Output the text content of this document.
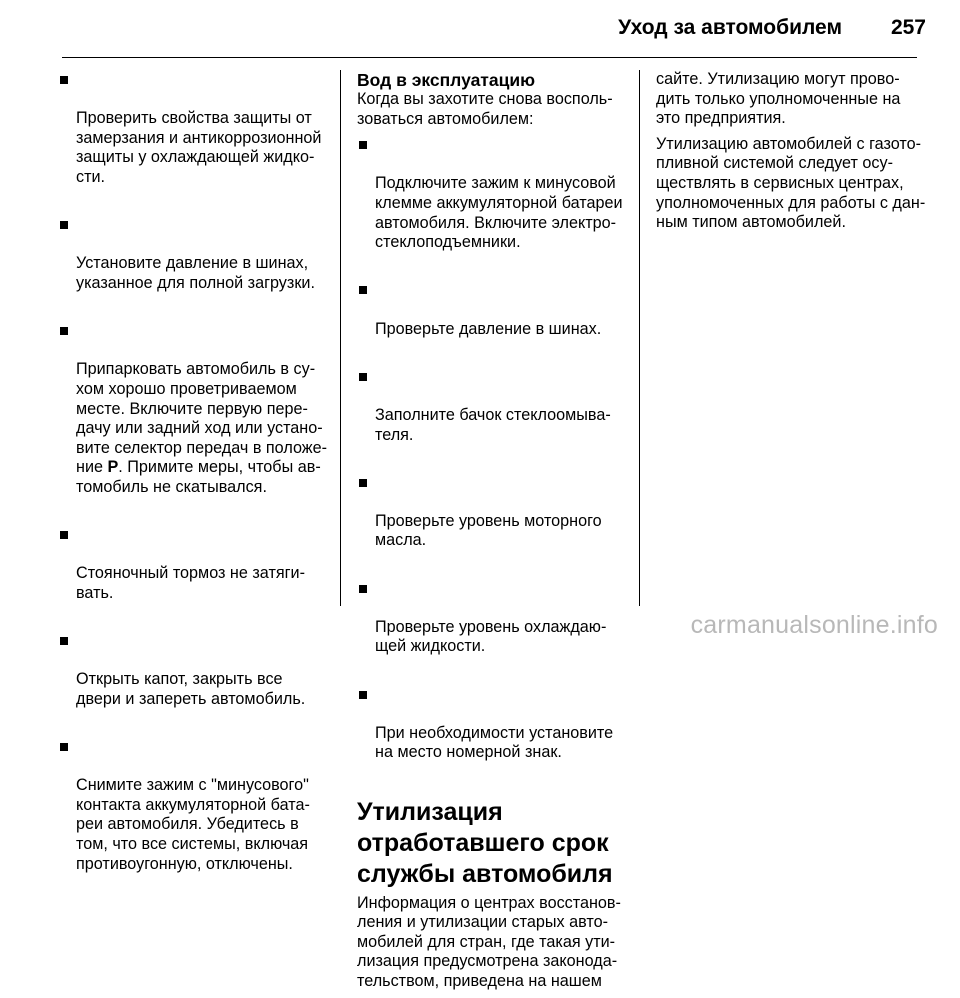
Уход за автомобилем 257

Проверить свойства защиты от
замерзания и антикоррозионной
защиты у охлаждающей жидко-
сти.

Установите давление в шинах,
указанное для полной загрузки.

Припарковать автомобиль в су-
хом хорошо проветриваемом
месте. Включите первую пере-
дачу или задний ход или устано-
вите селектор передач в положе-
ние P. Примите меры, чтобы ав-
томобиль не скатывался.

Стояночный тормоз не затяги-
вать.

Открыть капот, закрыть все
двери и запереть автомобиль.

Снимите зажим с "минусового"
контакта аккумуляторной бата-
реи автомобиля. Убедитесь в
том, что все системы, включая
противоугонную, отключены.

Вод в эксплуатацию

Когда вы захотите снова восполь-
зоваться автомобилем:

Подключите зажим к минусовой
клемме аккумуляторной батареи
автомобиля. Включите электро-
стеклоподъемники.

Проверьте давление в шинах.

Заполните бачок стеклоомыва-
теля.

Проверьте уровень моторного
масла.

Проверьте уровень охлаждаю-
щей жидкости.

При необходимости установите
на место номерной знак.

Утилизация
отработавшего срок
службы автомобиля

Информация о центрах восстанов-
ления и утилизации старых авто-
мобилей для стран, где такая ути-
лизация предусмотрена законода-
тельством, приведена на нашем

сайте. Утилизацию могут прово-
дить только уполномоченные на
это предприятия.

Утилизацию автомобилей с газото-
пливной системой следует осу-
ществлять в сервисных центрах,
уполномоченных для работы с дан-
ным типом автомобилей.

carmanualsonline.info
